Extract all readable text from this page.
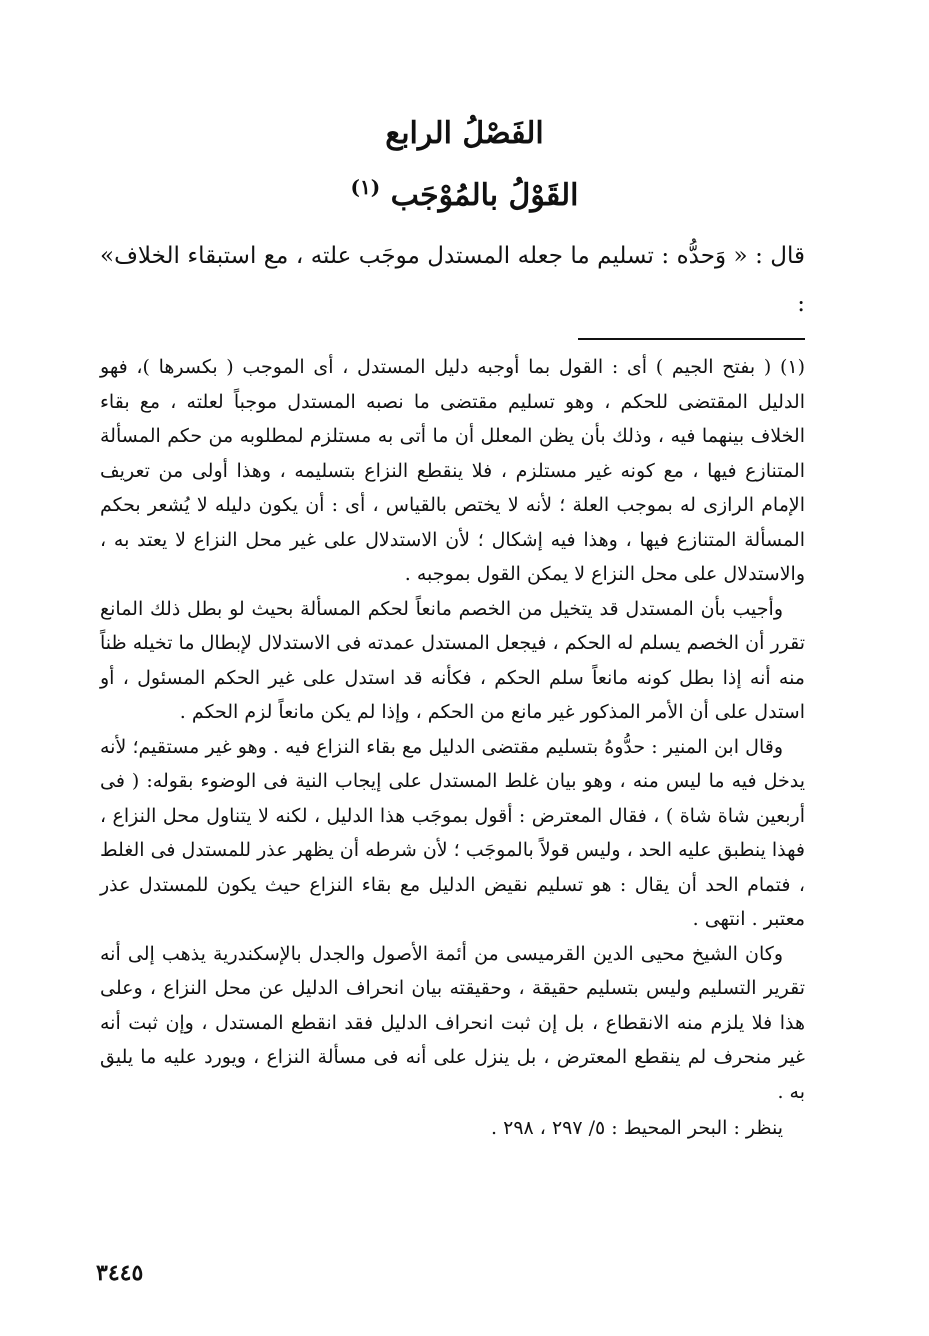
الفَصْلُ الرابع
القَوْلُ بالمُوْجَب $^{(١)}$
قال : « وَحدُّه : تسليم ما جعله المستدل موجَب علته ، مع استبقاء الخلاف» :

(١) ( بفتح الجيم ) أى : القول بما أوجبه دليل المستدل ، أى الموجب ( بكسرها )، فهو الدليل المقتضى للحكم ، وهو تسليم مقتضى ما نصبه المستدل موجباً لعلته ، مع بقاء الخلاف بينهما فيه ، وذلك بأن يظن المعلل أن ما أتى به مستلزم لمطلوبه من حكم المسألة المتنازع فيها ، مع كونه غير مستلزم ، فلا ينقطع النزاع بتسليمه ، وهذا أولى من تعريف الإمام الرازى له بموجب العلة ؛ لأنه لا يختص بالقياس ، أى : أن يكون دليله لا يُشعر بحكم المسألة المتنازع فيها ، وهذا فيه إشكال ؛ لأن الاستدلال على غير محل النزاع لا يعتد به ، والاستدلال على محل النزاع لا يمكن القول بموجبه .

وأجيب بأن المستدل قد يتخيل من الخصم مانعاً لحكم المسألة بحيث لو بطل ذلك المانع تقرر أن الخصم يسلم له الحكم ، فيجعل المستدل عمدته فى الاستدلال لإبطال ما تخيله ظناً منه أنه إذا بطل كونه مانعاً سلم الحكم ، فكأنه قد استدل على غير الحكم المسئول ، أو استدل على أن الأمر المذكور غير مانع من الحكم ، وإذا لم يكن مانعاً لزم الحكم .

وقال ابن المنير : حدُّوهُ بتسليم مقتضى الدليل مع بقاء النزاع فيه . وهو غير مستقيم؛ لأنه يدخل فيه ما ليس منه ، وهو بيان غلط المستدل على إيجاب النية فى الوضوء بقوله: ( فى أربعين شاة شاة ) ، فقال المعترض : أقول بموجَب هذا الدليل ، لكنه لا يتناول محل النزاع ، فهذا ينطبق عليه الحد ، وليس قولاً بالموجَب ؛ لأن شرطه أن يظهر عذر للمستدل فى الغلط ، فتمام الحد أن يقال : هو تسليم نقيض الدليل مع بقاء النزاع حيث يكون للمستدل عذر معتبر . انتهى .

وكان الشيخ محيى الدين القرميسى من أئمة الأصول والجدل بالإسكندرية يذهب إلى أنه تقرير التسليم وليس بتسليم حقيقة ، وحقيقته بيان انحراف الدليل عن محل النزاع ، وعلى هذا فلا يلزم منه الانقطاع ، بل إن ثبت انحراف الدليل فقد انقطع المستدل ، وإن ثبت أنه غير منحرف لم ينقطع المعترض ، بل ينزل على أنه فى مسألة النزاع ، ويورد عليه ما يليق به .

ينظر : البحر المحيط : ٥/ ٢٩٧ ، ٢٩٨ .

٣٤٤٥
